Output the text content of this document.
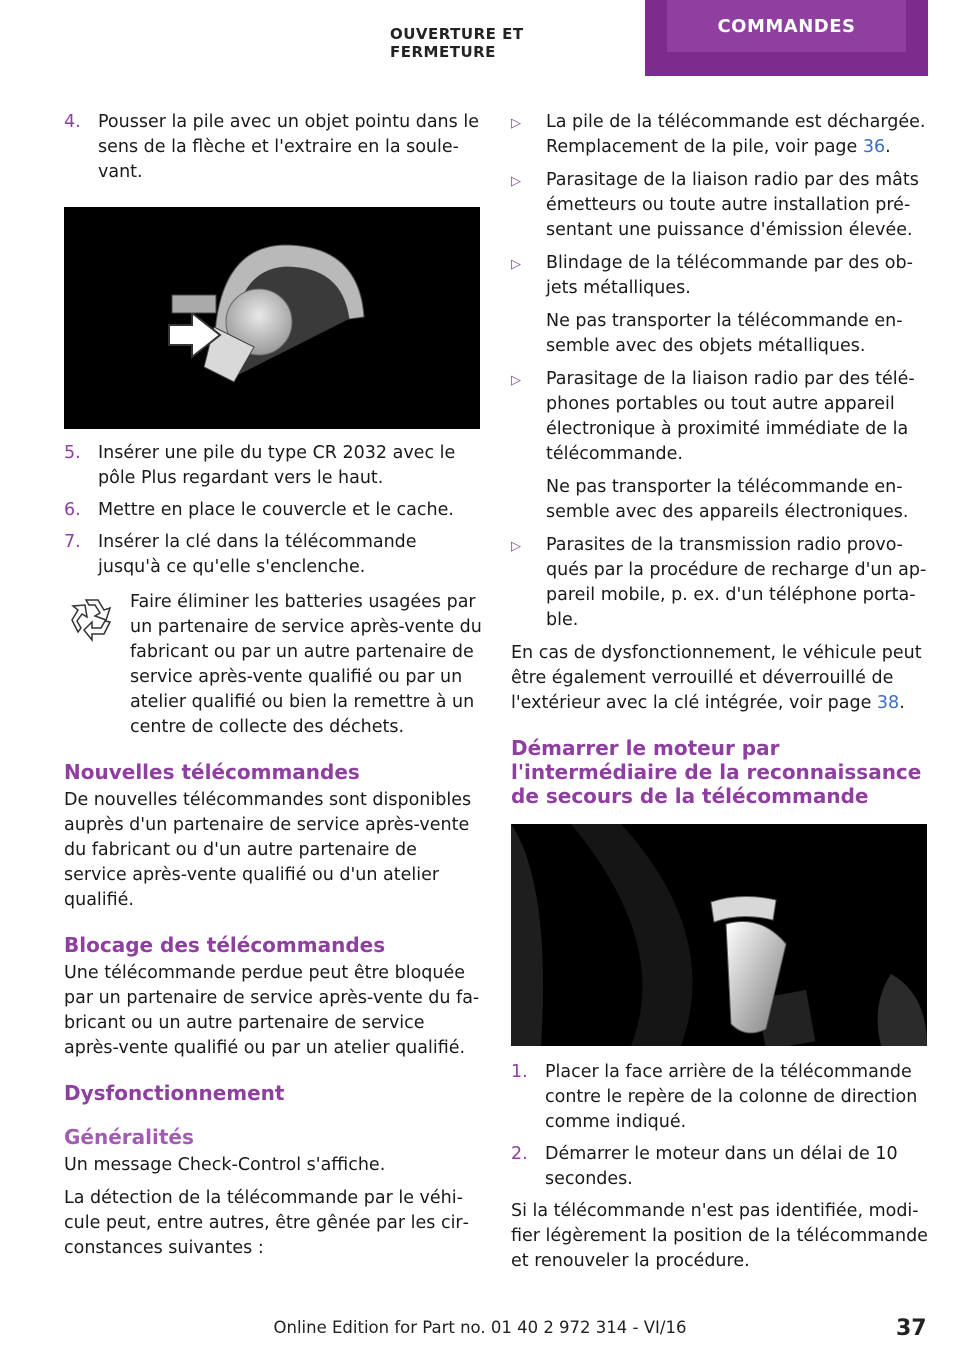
OUVERTURE ET FERMETURE
COMMANDES
4. Pousser la pile avec un objet pointu dans le sens de la flèche et l'extraire en la soulevant.
5. Insérer une pile du type CR 2032 avec le pôle Plus regardant vers le haut.
6. Mettre en place le couvercle et le cache.
7. Insérer la clé dans la télécommande jusqu'à ce qu'elle s'enclenche.
Faire éliminer les batteries usagées par un partenaire de service après-vente du fabricant ou par un autre partenaire de service après-vente qualifié ou par un atelier qualifié ou bien la remettre à un centre de collecte des déchets.
Nouvelles télécommandes

De nouvelles télécommandes sont disponibles auprès d'un partenaire de service après-vente du fabricant ou d'un autre partenaire de service après-vente qualifié ou d'un atelier qualifié.

Blocage des télécommandes

Une télécommande perdue peut être bloquée par un partenaire de service après-vente du fabricant ou un autre partenaire de service après-vente qualifié ou par un atelier qualifié.

Dysfonctionnement
Généralités

Un message Check-Control s'affiche.

La détection de la télécommande par le véhicule peut, entre autres, être gênée par les circonstances suivantes :

▷	La pile de la télécommande est déchargée. Remplacement de la pile, voir page 36.
▷	Parasitage de la liaison radio par des mâts émetteurs ou toute autre installation présentant une puissance d'émission élevée.
▷	Blindage de la télécommande par des objets métalliques.
Ne pas transporter la télécommande ensemble avec des objets métalliques.
▷	Parasitage de la liaison radio par des téléphones portables ou tout autre appareil électronique à proximité immédiate de la télécommande.
Ne pas transporter la télécommande ensemble avec des appareils électroniques.
▷	Parasites de la transmission radio provoqués par la procédure de recharge d'un appareil mobile, p. ex. d'un téléphone portable.

En cas de dysfonctionnement, le véhicule peut être également verrouillé et déverrouillé de l'extérieur avec la clé intégrée, voir page 38.

Démarrer le moteur par l'intermédiaire de la reconnaissance de secours de la télécommande
1. Placer la face arrière de la télécommande contre le repère de la colonne de direction comme indiqué.
2. Démarrer le moteur dans un délai de 10 secondes.

Si la télécommande n'est pas identifiée, modifier légèrement la position de la télécommande et renouveler la procédure.

Online Edition for Part no. 01 40 2 972 314 - VI/16	37
